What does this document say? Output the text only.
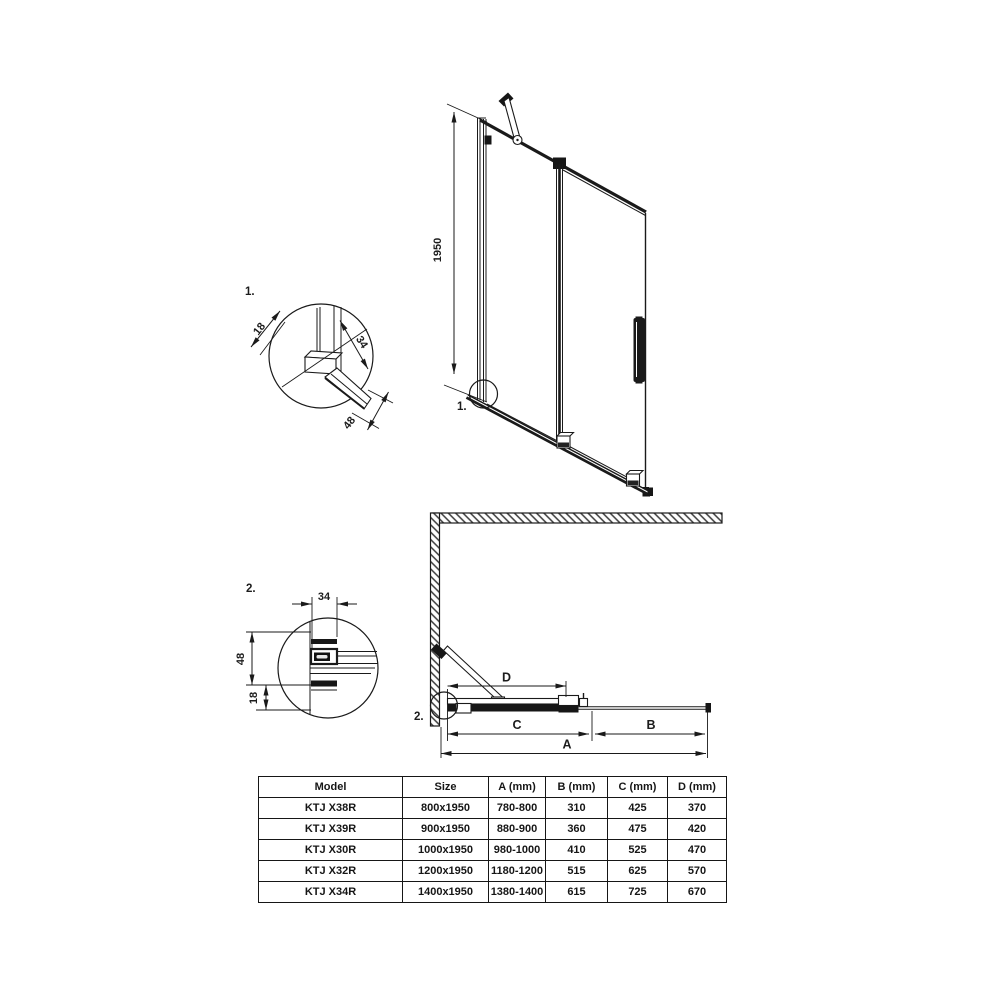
1950
1.
1.
18
34
48
2.
34
48
18
D
C	B
A
2.
Model	Size	A (mm)	B (mm)	C (mm)	D (mm)
KTJ X38R	800x1950	780-800	310	425	370
KTJ X39R	900x1950	880-900	360	475	420
KTJ X30R	1000x1950	980-1000	410	525	470
KTJ X32R	1200x1950	1180-1200	515	625	570
KTJ X34R	1400x1950	1380-1400	615	725	670
